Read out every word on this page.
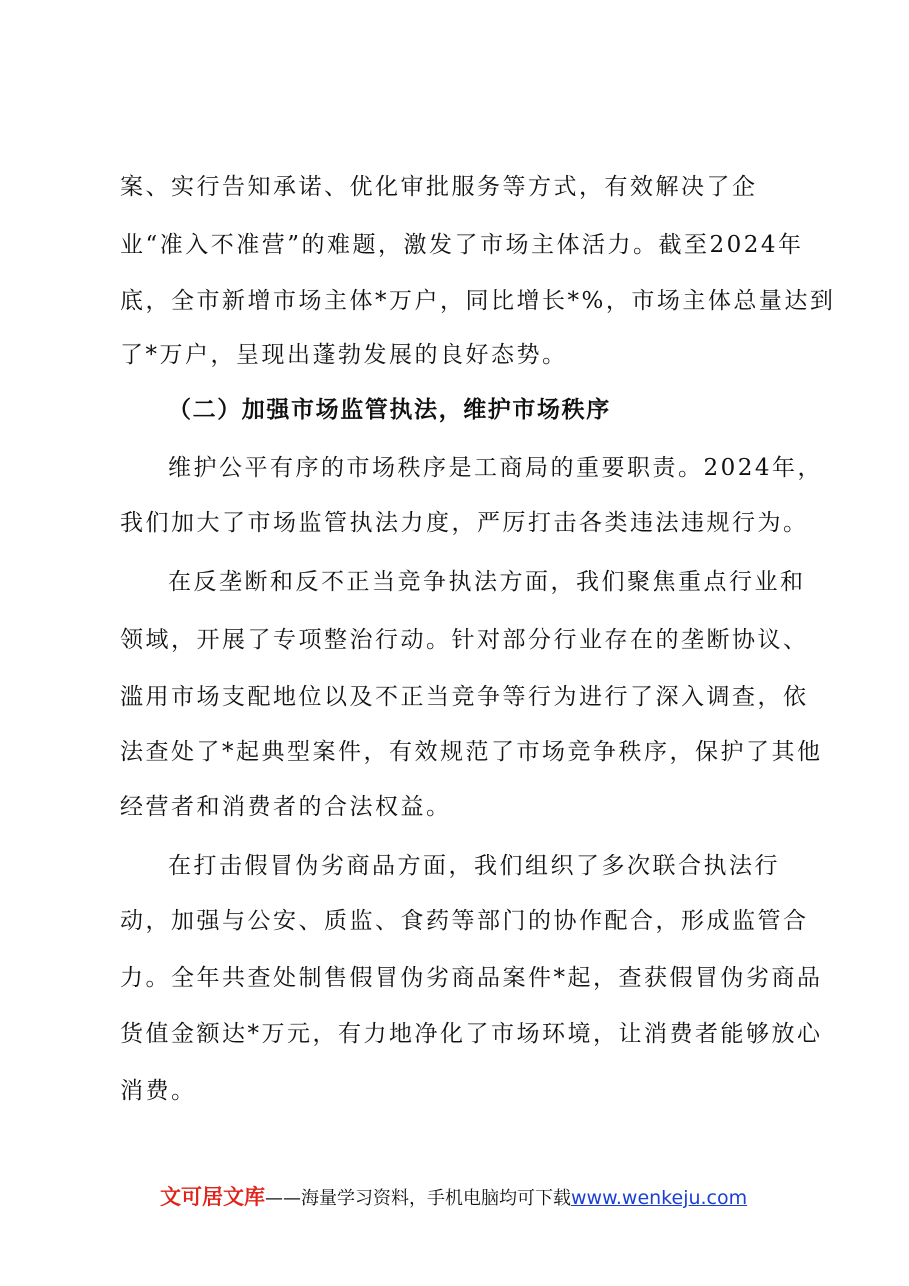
案、实行告知承诺、优化审批服务等方式，有效解决了企
业“准入不准营”的难题，激发了市场主体活力。截至2024年
底，全市新增市场主体*万户，同比增长*%，市场主体总量达到
了*万户，呈现出蓬勃发展的良好态势。
（二）加强市场监管执法，维护市场秩序
维护公平有序的市场秩序是工商局的重要职责。2024年，
我们加大了市场监管执法力度，严厉打击各类违法违规行为。
在反垄断和反不正当竞争执法方面，我们聚焦重点行业和
领域，开展了专项整治行动。针对部分行业存在的垄断协议、
滥用市场支配地位以及不正当竞争等行为进行了深入调查，依
法查处了*起典型案件，有效规范了市场竞争秩序，保护了其他
经营者和消费者的合法权益。
在打击假冒伪劣商品方面，我们组织了多次联合执法行
动，加强与公安、质监、食药等部门的协作配合，形成监管合
力。全年共查处制售假冒伪劣商品案件*起，查获假冒伪劣商品
货值金额达*万元，有力地净化了市场环境，让消费者能够放心
消费。
文可居文库——海量学习资料，手机电脑均可下载www.wenkeju.com
